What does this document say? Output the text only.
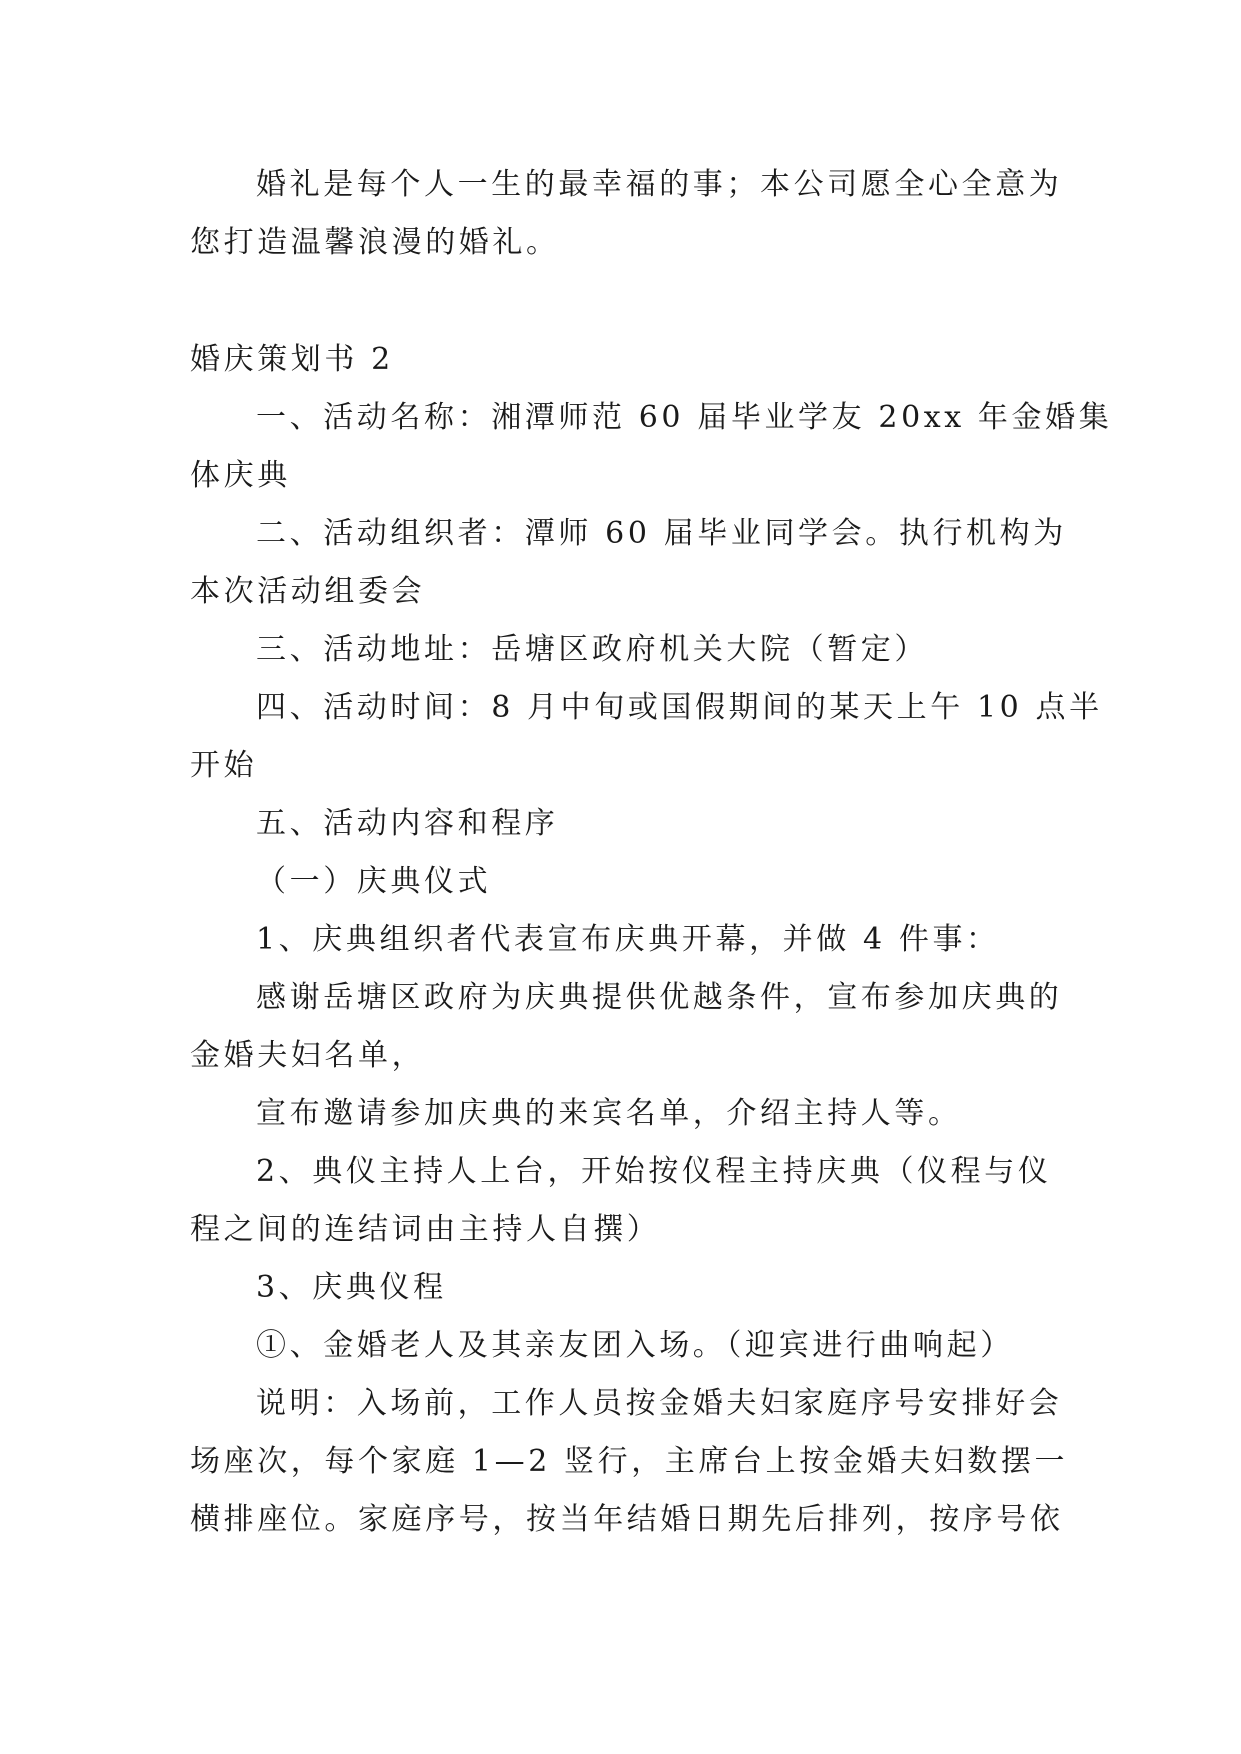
婚礼是每个人一生的最幸福的事；本公司愿全心全意为
您打造温馨浪漫的婚礼。
婚庆策划书 2
一、活动名称：湘潭师范 60 届毕业学友 20xx 年金婚集
体庆典
二、活动组织者：潭师 60 届毕业同学会。执行机构为
本次活动组委会
三、活动地址：岳塘区政府机关大院（暂定）
四、活动时间：8 月中旬或国假期间的某天上午 10 点半
开始
五、活动内容和程序
（一）庆典仪式
1、庆典组织者代表宣布庆典开幕，并做 4 件事：
感谢岳塘区政府为庆典提供优越条件，宣布参加庆典的
金婚夫妇名单，
宣布邀请参加庆典的来宾名单，介绍主持人等。
2、典仪主持人上台，开始按仪程主持庆典（仪程与仪
程之间的连结词由主持人自撰）
3、庆典仪程
①、金婚老人及其亲友团入场。（迎宾进行曲响起）
说明：入场前，工作人员按金婚夫妇家庭序号安排好会
场座次，每个家庭 1—2 竖行，主席台上按金婚夫妇数摆一
横排座位。家庭序号，按当年结婚日期先后排列，按序号依
